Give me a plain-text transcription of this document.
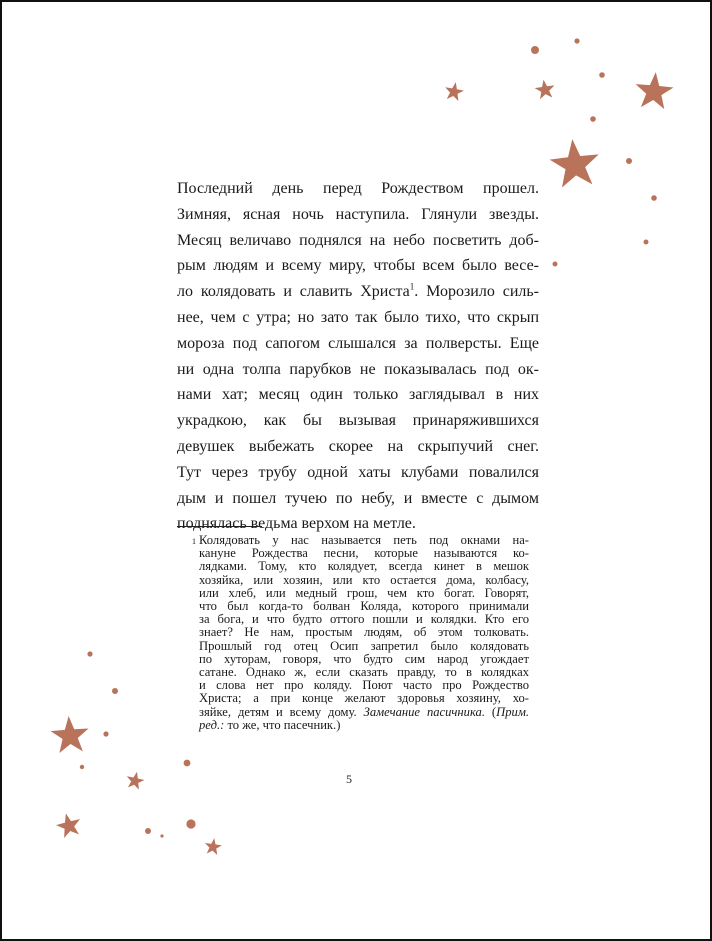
Последний день перед Рождеством прошел.
Зимняя, ясная ночь наступила. Глянули звезды.
Месяц величаво поднялся на небо посветить доб-
рым людям и всему миру, чтобы всем было весе-
ло колядовать и славить Христа$^1$. Морозило силь-
нее, чем с утра; но зато так было тихо, что скрып
мороза под сапогом слышался за полверсты. Еще
ни одна толпа парубков не показывалась под ок-
нами хат; месяц один только заглядывал в них
украдкою, как бы вызывая принаряжившихся
девушек выбежать скорее на скрыпучий снег.
Тут через трубу одной хаты клубами повалился
дым и пошел тучею по небу, и вместе с дымом
поднялась ведьма верхом на метле.
1 Колядовать у нас называется петь под окнами на-
кануне Рождества песни, которые называются ко-
лядками. Тому, кто колядует, всегда кинет в мешок
хозяйка, или хозяин, или кто остается дома, колбасу,
или хлеб, или медный грош, чем кто богат. Говорят,
что был когда-то болван Коляда, которого принимали
за бога, и что будто оттого пошли и колядки. Кто его
знает? Не нам, простым людям, об этом толковать.
Прошлый год отец Осип запретил было колядовать
по хуторам, говоря, что будто сим народ угождает
сатане. Однако ж, если сказать правду, то в колядках
и слова нет про коляду. Поют часто про Рождество
Христа; а при конце желают здоровья хозяину, хо-
зяйке, детям и всему дому. Замечание пасичника. (Прим.
ред.: то же, что пасечник.)
5
